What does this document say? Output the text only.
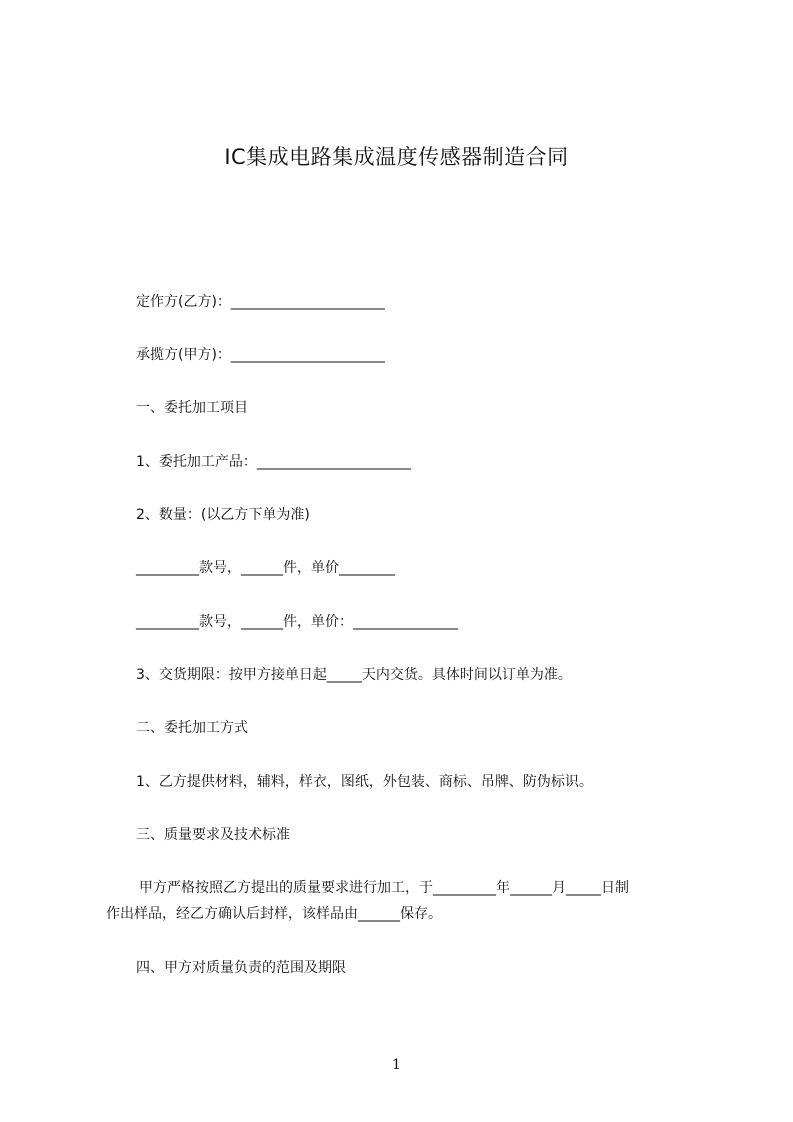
IC集成电路集成温度传感器制造合同
定作方(乙方)：______________________
承揽方(甲方)：______________________
一、委托加工项目
1、委托加工产品：______________________
2、数量：(以乙方下单为准)
_________款号，______件，单价________
_________款号，______件，单价：_______________
3、交货期限：按甲方接单日起_____天内交货。具体时间以订单为准。
二、委托加工方式
1、乙方提供材料，辅料，样衣，图纸，外包装、商标、吊牌、防伪标识。
三、质量要求及技术标准
甲方严格按照乙方提出的质量要求进行加工，于_________年______月_____日制
作出样品，经乙方确认后封样，该样品由______保存。
四、甲方对质量负责的范围及期限
1
